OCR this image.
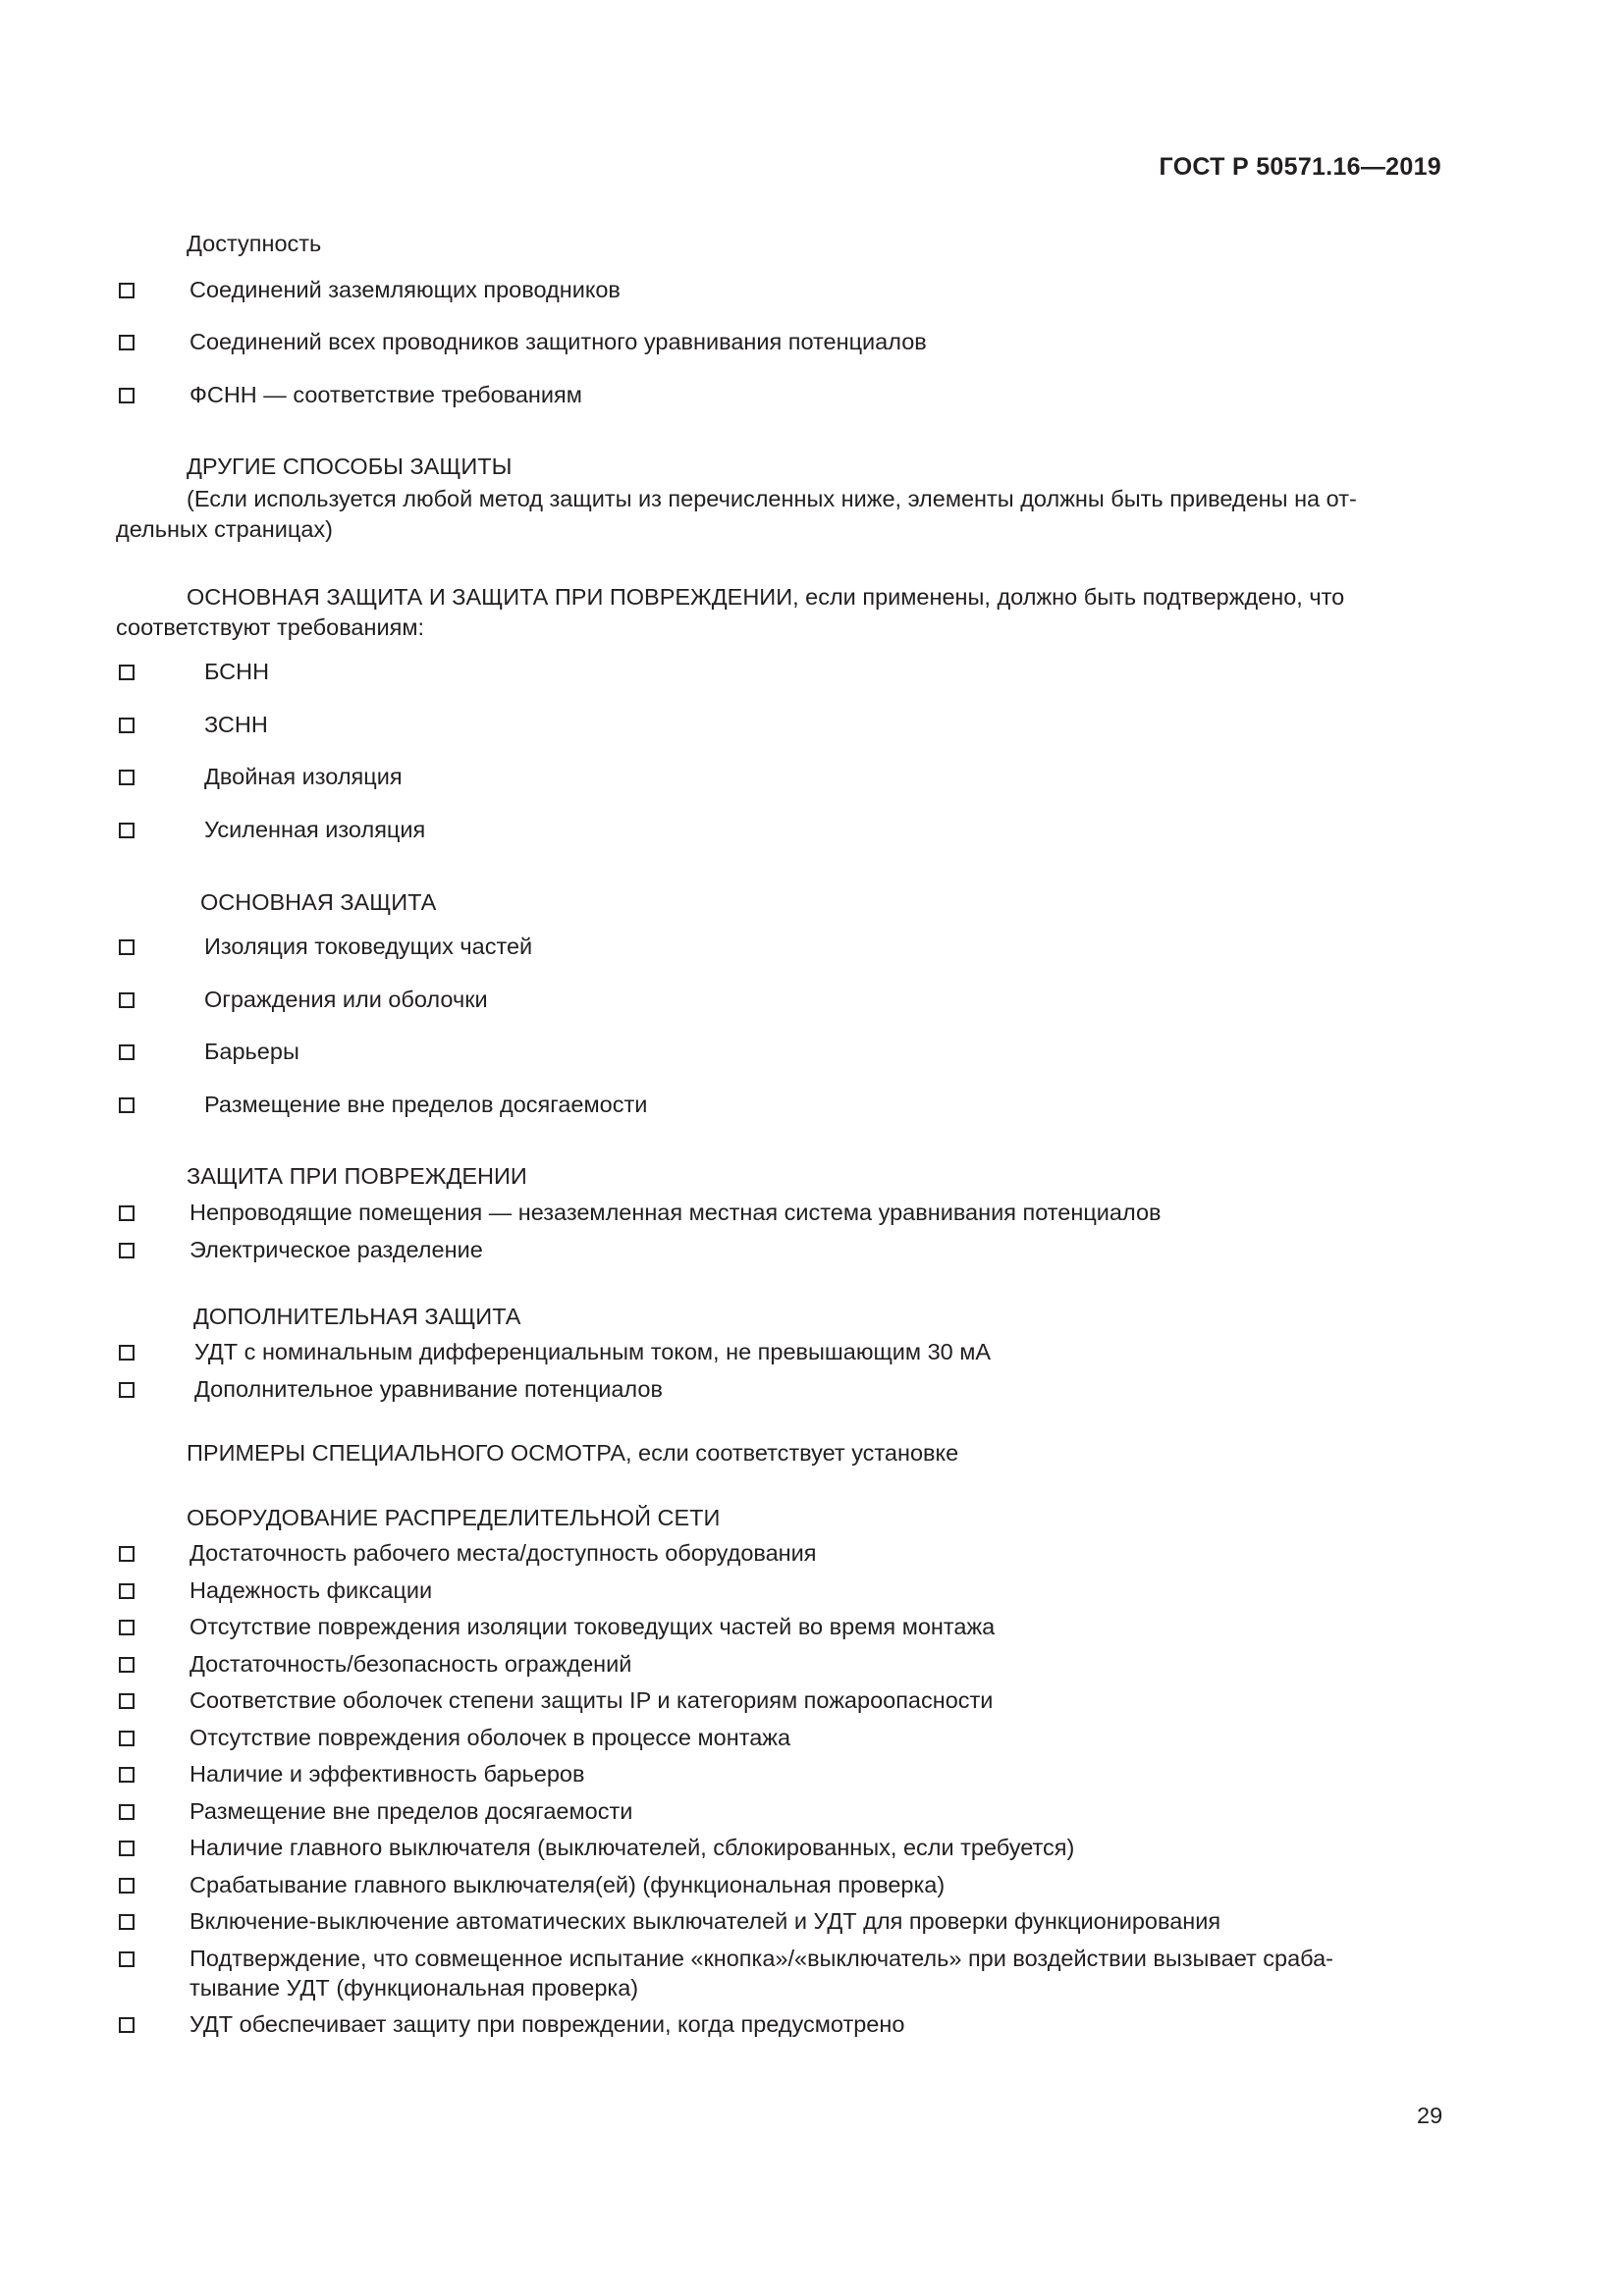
ГОСТ Р 50571.16—2019
Доступность
Соединений заземляющих проводников
Соединений всех проводников защитного уравнивания потенциалов
ФСНН — соответствие требованиям
ДРУГИЕ СПОСОБЫ ЗАЩИТЫ
(Если используется любой метод защиты из перечисленных ниже, элементы должны быть приведены на от-
дельных страницах)
ОСНОВНАЯ ЗАЩИТА И ЗАЩИТА ПРИ ПОВРЕЖДЕНИИ, если применены, должно быть подтверждено, что
соответствуют требованиям:
БСНН
ЗСНН
Двойная изоляция
Усиленная изоляция
ОСНОВНАЯ ЗАЩИТА
Изоляция токоведущих частей
Ограждения или оболочки
Барьеры
Размещение вне пределов досягаемости
ЗАЩИТА ПРИ ПОВРЕЖДЕНИИ
Непроводящие помещения — незаземленная местная система уравнивания потенциалов
Электрическое разделение
ДОПОЛНИТЕЛЬНАЯ ЗАЩИТА
УДТ с номинальным дифференциальным током, не превышающим 30 мА
Дополнительное уравнивание потенциалов
ПРИМЕРЫ СПЕЦИАЛЬНОГО ОСМОТРА, если соответствует установке
ОБОРУДОВАНИЕ РАСПРЕДЕЛИТЕЛЬНОЙ СЕТИ
Достаточность рабочего места/доступность оборудования
Надежность фиксации
Отсутствие повреждения изоляции токоведущих частей во время монтажа
Достаточность/безопасность ограждений
Соответствие оболочек степени защиты IP и категориям пожароопасности
Отсутствие повреждения оболочек в процессе монтажа
Наличие и эффективность барьеров
Размещение вне пределов досягаемости
Наличие главного выключателя (выключателей, сблокированных, если требуется)
Срабатывание главного выключателя(ей) (функциональная проверка)
Включение-выключение автоматических выключателей и УДТ для проверки функционирования
Подтверждение, что совмещенное испытание «кнопка»/«выключатель» при воздействии вызывает сраба-
тывание УДТ (функциональная проверка)
УДТ обеспечивает защиту при повреждении, когда предусмотрено
29
